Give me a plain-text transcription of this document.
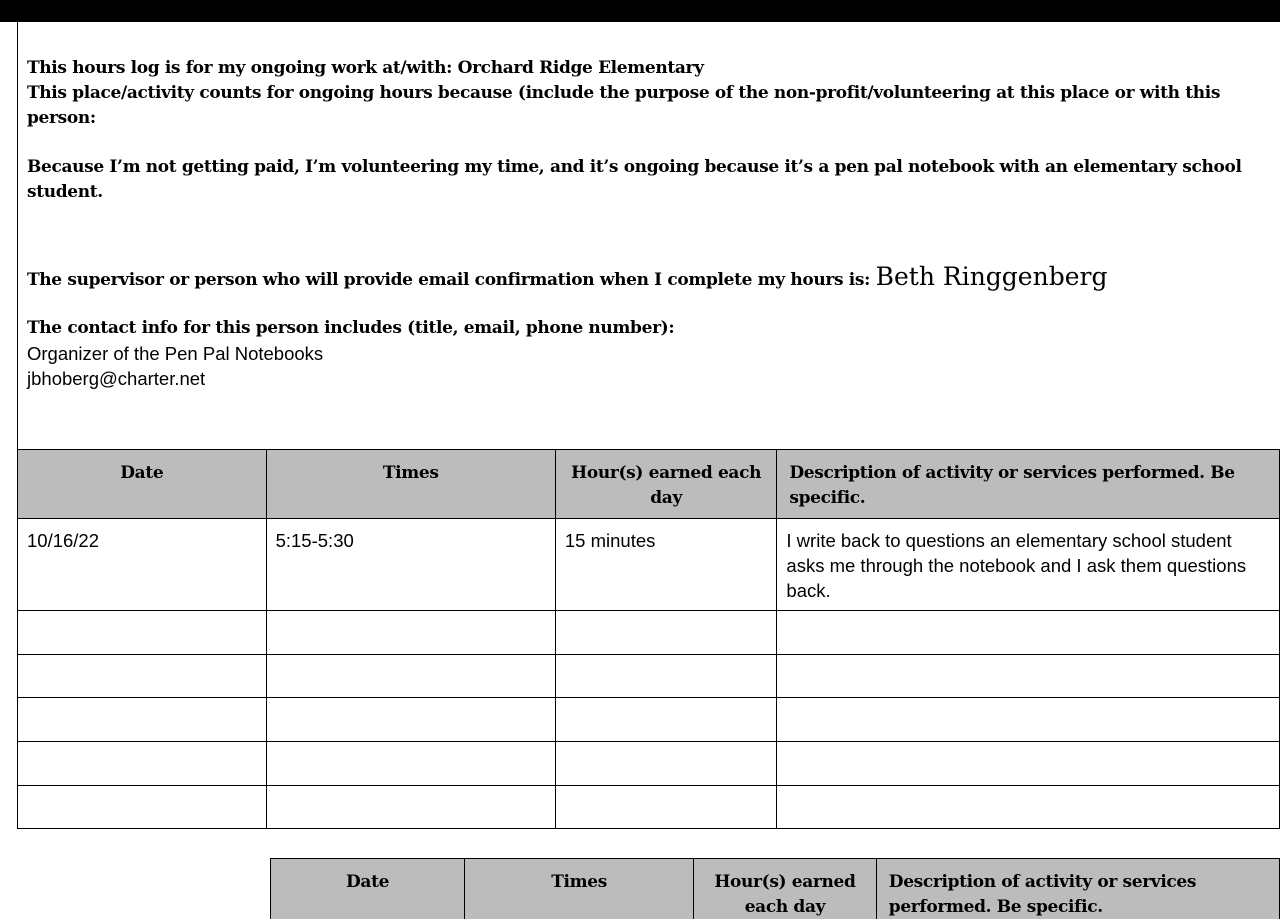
This hours log is for my ongoing work at/with: Orchard Ridge Elementary
This place/activity counts for ongoing hours because (include the purpose of the non-profit/volunteering at this place or with this person:
Because I’m not getting paid, I’m volunteering my time, and it’s ongoing because it’s a pen pal notebook with an elementary school student.
The supervisor or person who will provide email confirmation when I complete my hours is: Beth Ringgenberg
The contact info for this person includes (title, email, phone number):
Organizer of the Pen Pal Notebooks
jbhoberg@charter.net
Date	Times	Hour(s) earned each day	Description of activity or services performed. Be specific.
10/16/22	5:15-5:30	15 minutes	I write back to questions an elementary school student asks me through the notebook and I ask them questions back.

Date	Times	Hour(s) earned each day	Description of activity or services performed. Be specific.
